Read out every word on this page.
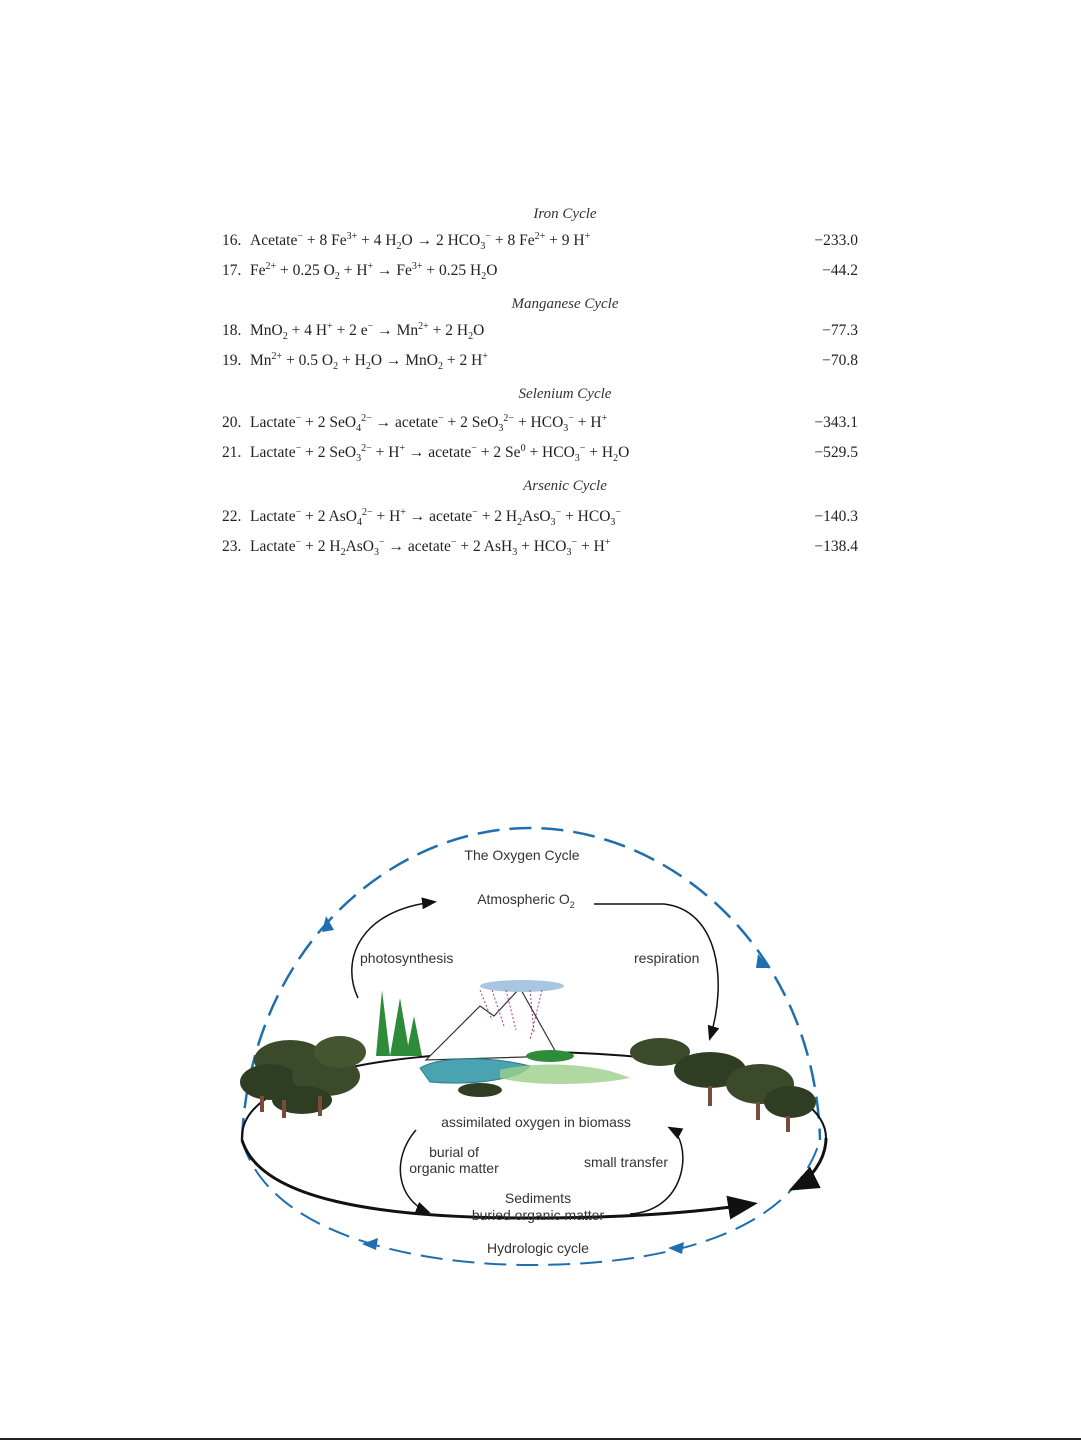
Iron Cycle
16. Acetate− + 8 $Fe^{3+} + 4$ $H_2O \to 2$ $HCO_3^- + 8$ $Fe^{2+} + 9$ H+	−233.0
17. $Fe^{2+} + 0.25$ $O_2 + H^+ \to Fe^{3+} + 0.25$ $H_2O$	−44.2
Manganese Cycle
18. MnO$_2$ + 4 H+ + 2 $e^- \to Mn^{2+} + 2$ $H_2O$	−77.3
19. $Mn^{2+} + 0.5$ $O_2 + H_2O \to MnO_2 + 2$ H+	−70.8
Selenium Cycle
20. Lactate− + 2 SeO$_4^{2-}$ → acetate− + 2 $SeO_3^{2-} + HCO_3^- + H^+$	−343.1
21. Lactate− + 2 SeO$_3^{2-}$ + H+ → acetate− + 2 $Se^0 + HCO_3^- + H_2O$	−529.5
Arsenic Cycle
22. Lactate− + 2 AsO$_4^{2-}$ + H+ → acetate− + 2 $H_2AsO_3^- + HCO_3^-$	−140.3
23. Lactate− + 2 $H_2AsO_3^-$ → acetate− + 2 $AsH_3 + HCO_3^- + H^+$	−138.4
The Oxygen Cycle
Atmospheric $O_2$
photosynthesis	respiration
assimilated oxygen in biomass
burial of
organic matter	small transfer
Sediments
buried organic matter
Hydrologic cycle
